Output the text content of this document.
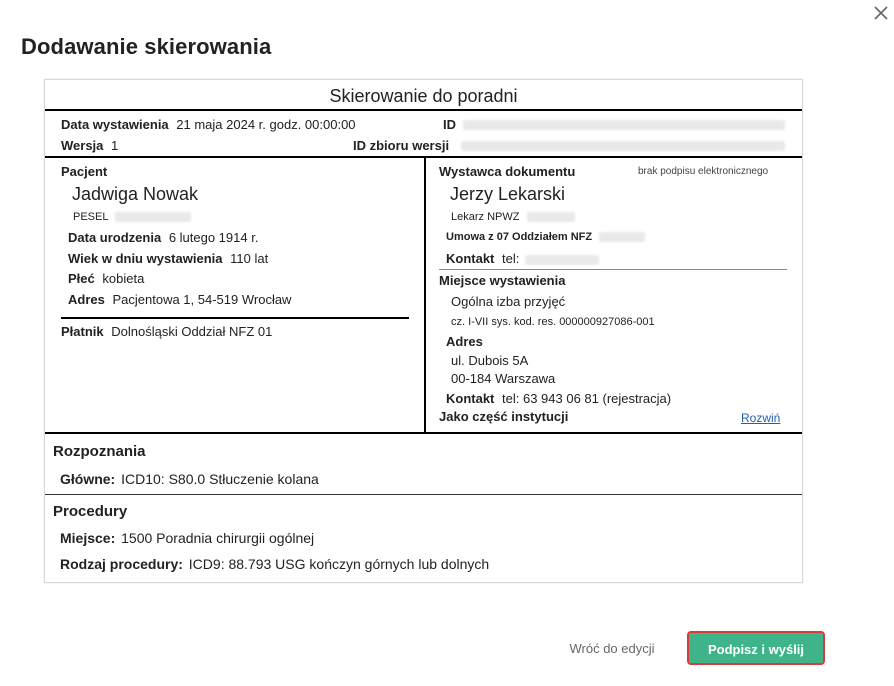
Dodawanie skierowania
Skierowanie do poradni
Data wystawienia 21 maja 2024 r. godz. 00:00:00	ID
Wersja 1	ID zbioru wersji
Pacjent
Jadwiga Nowak
PESEL
Data urodzenia 6 lutego 1914 r.
Wiek w dniu wystawienia 110 lat
Płeć kobieta
Adres Pacjentowa 1, 54-519 Wrocław
Płatnik Dolnośląski Oddział NFZ 01
Wystawca dokumentu	brak podpisu elektronicznego
Jerzy Lekarski
Lekarz NPWZ
Umowa z 07 Oddziałem NFZ
Kontakt tel:
Miejsce wystawienia
Ogólna izba przyjęć
cz. I-VII sys. kod. res. 000000927086-001
Adres
ul. Dubois 5A
00-184 Warszawa
Kontakt tel: 63 943 06 81 (rejestracja)
Jako część instytucji	Rozwiń
Rozpoznania
Główne: ICD10: S80.0 Stłuczenie kolana
Procedury
Miejsce: 1500 Poradnia chirurgii ogólnej
Rodzaj procedury: ICD9: 88.793 USG kończyn górnych lub dolnych
Wróć do edycji	Podpisz i wyślij
